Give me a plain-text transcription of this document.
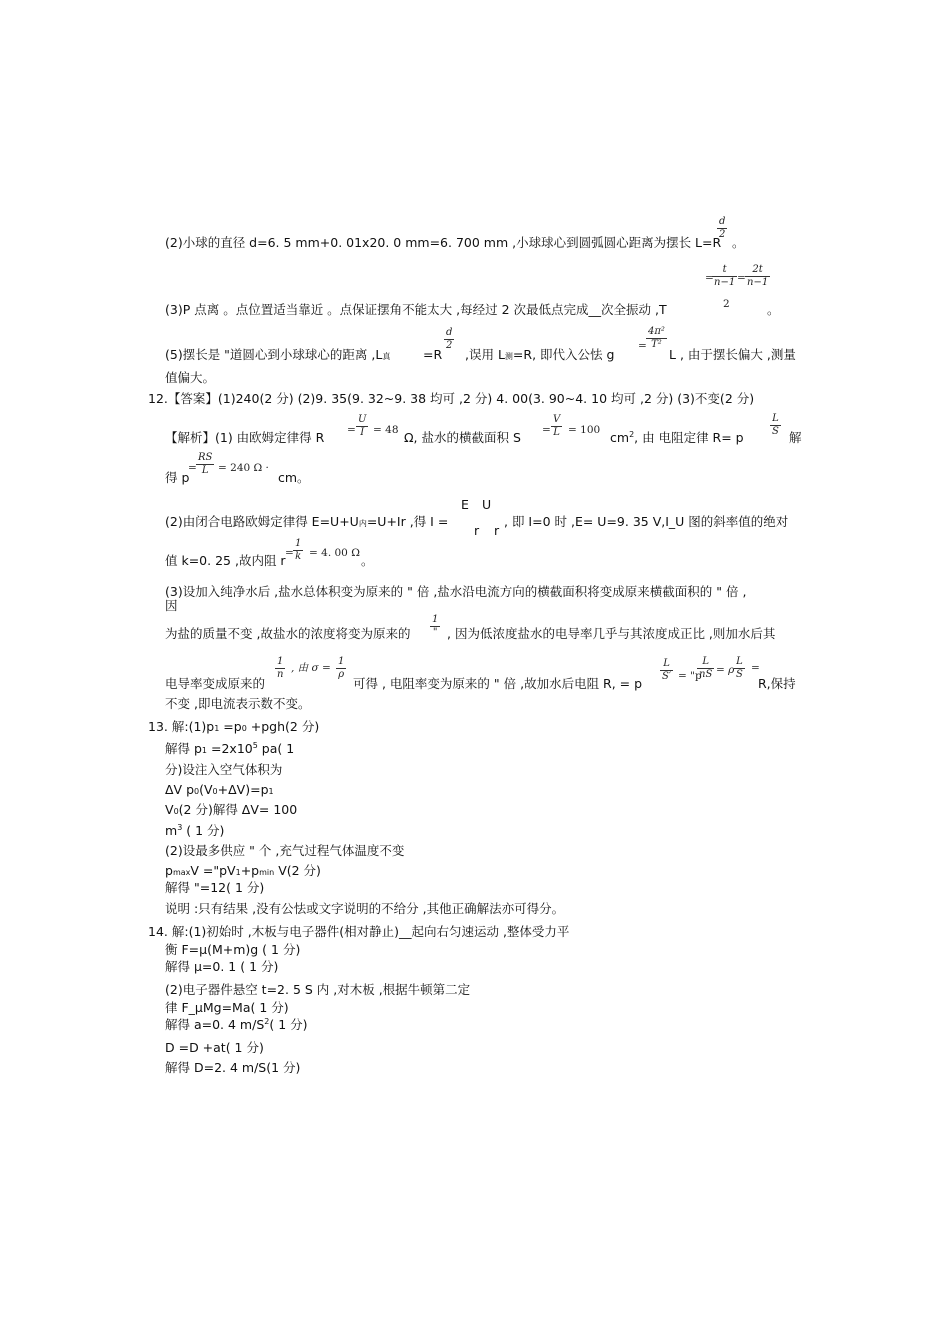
(2)小球的直径 d=6. 5 mm+0. 01x20. 0 mm=6. 700 mm ,小球球心到圆弧圆心距离为摆长 L=R
$\frac{d}{2}$
。
=
$\frac{t}{n-1} = \frac{2t}{n-1}$
2
(3)P 点离 。点位置适当靠近 。点保证摆角不能太大 ,每经过 2 次最低点完成__次全振动 ,T	。
(5)摆长是 "道圆心到小球球心的距离 ,L真	=R
$\frac{d}{2}$
,误用 L测=R, 即代入公怯 g
= $\frac{\text{4π²}}{\text{T²}}$
L , 由于摆长偏大 ,测量
值偏大。
12.【答案】(1)240(2 分) (2)9. 35(9. 32~9. 38 均可 ,2 分) 4. 00(3. 90~4. 10 均可 ,2 分) (3)不变(2 分)
【解析】(1) 由欧姆定律得 $R = \frac{U}{I} = 48$ Ω, 盐水的横截面积 $S = \frac{V}{L} = 100$
$cm^2$, 由 电阻定律 R= p	$\frac{L}{S}$ 解
得 p
= $\frac{RS}{L} = 240$ Ω ·
cm。
(2)由闭合电路欧姆定律得 E=U+U内=U+Ir ,得 I =
E U
r r
, 即 I=0 时 ,E= U=9. 35 V,I_U 图的斜率值的绝对
值 k=0. 25 ,故内阻 $r = \frac{1}{k} = 4$. 00 Ω 。
(3)设加入纯净水后 ,盐水总体积变为原来的 " 倍 ,盐水沿电流方向的横截面积将变成原来横截面积的 " 倍 ,
因
为盐的质量不变 ,故盐水的浓度将变为原来的
1
" , 因为低浓度盐水的电导率几乎与其浓度成正比 ,则加水后其
电导率变成原来的
$\frac{1}{n}$ , 由 $\sigma = \frac{1}{\rho}$
可得 , 电阻率变为原来的 " 倍 ,故加水后电阻 R, = p
$\frac{L}{S'}$ = "p
$\frac{L}{nS} = \rho \frac{L}{S}$ =
R,保持
不变 ,即电流表示数不变。
13. 解:(1)p1 =p0 +pgh(2 分)
解得 $p1 =2x10^5$ pa( 1
分)设注入空气体积为
ΔV p0(V0+ΔV)=p1
V0(2 分)解得 ΔV= 100
$m^3$ ( 1 分)
(2)设最多供应 " 个 ,充气过程气体温度不变
pmaxV ="pV1+pmin V(2 分)
解得 "=12( 1 分)
说明 :只有结果 ,没有公怯或文字说明的不给分 ,其他正确解法亦可得分。
14. 解:(1)初始时 ,木板与电子器件(相对静止)__起向右匀速运动 ,整体受力平
衡 F=μ(M+m)g ( 1 分)
解得 μ=0. 1 ( 1 分)
(2)电子器件悬空 t=2. 5 S 内 ,对木板 ,根据牛顿第二定
律 F_μMg=Ma( 1 分)
解得 a=0. 4 $m/S^2$( 1 分)
D =D +at( 1 分)
解得 D=2. 4 m/S(1 分)
